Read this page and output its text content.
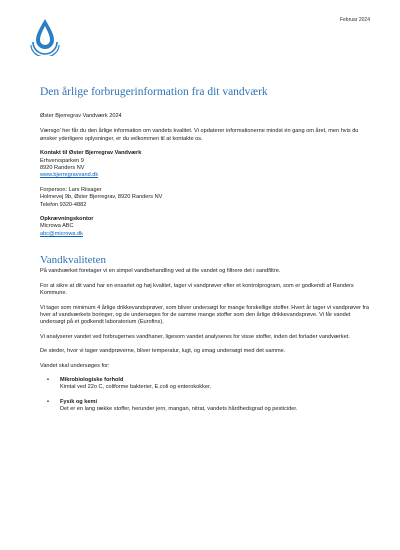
Februar 2024
Den årlige forbrugerinformation fra dit vandværk

Øster Bjerregrav Vandværk 2024

Værsgo' her får du den årlige information om vandets kvalitet. Vi opdaterer informationerne mindst én gang om året, men hvis du ønsker yderligere oplysninger, er du velkommen til at kontakte os.

Kontakt til Øster Bjerregrav Vandværk
Erhvervsparken 9
8920 Randers NV
www.bjerregravvand.dk
Forperson: Lars Riisager
Holmevej 9b, Øster Bjerregrav, 8920 Randers NV
Telefon 9320-4882
Opkrævningskontor
Microwa ABC
abc@microwa.dk
Vandkvaliteten

På vandværket foretager vi en simpel vandbehandling ved at ilte vandet og filtrere det i sandfiltre.

For at sikre at dit vand har en ensartet og høj kvalitet, tager vi vandprøver efter et kontrolprogram, som er godkendt af Randers Kommune.

Vi tager som minimum 4 årlige drikkevandsprøver, som bliver undersøgt for mange forskellige stoffer. Hvert år tager vi vandprøver fra hver af vandværkets boringer, og de undersøges for de samme mange stoffer som den årlige drikkevandsprøve. Vi får vandet undersøgt på et godkendt laboratorium (Eurofins).

Vi analyserer vandet ved forbrugernes vandhaner, ligesom vandet analyseres for visse stoffer, inden det forlader vandværket.

De steder, hvor vi tager vandprøverne, bliver temperatur, lugt, og smag undersøgt med det samme.

Vandet skal undersøges for:

• Mikrobiologiske forhold
Kimtal ved 22o C, coliforme bakterier, E.coli og enterokokker.
• Fysik og kemi
Det er en lang række stoffer, herunder jern, mangan, nitrat, vandets hårdhedsgrad og pesticider.
